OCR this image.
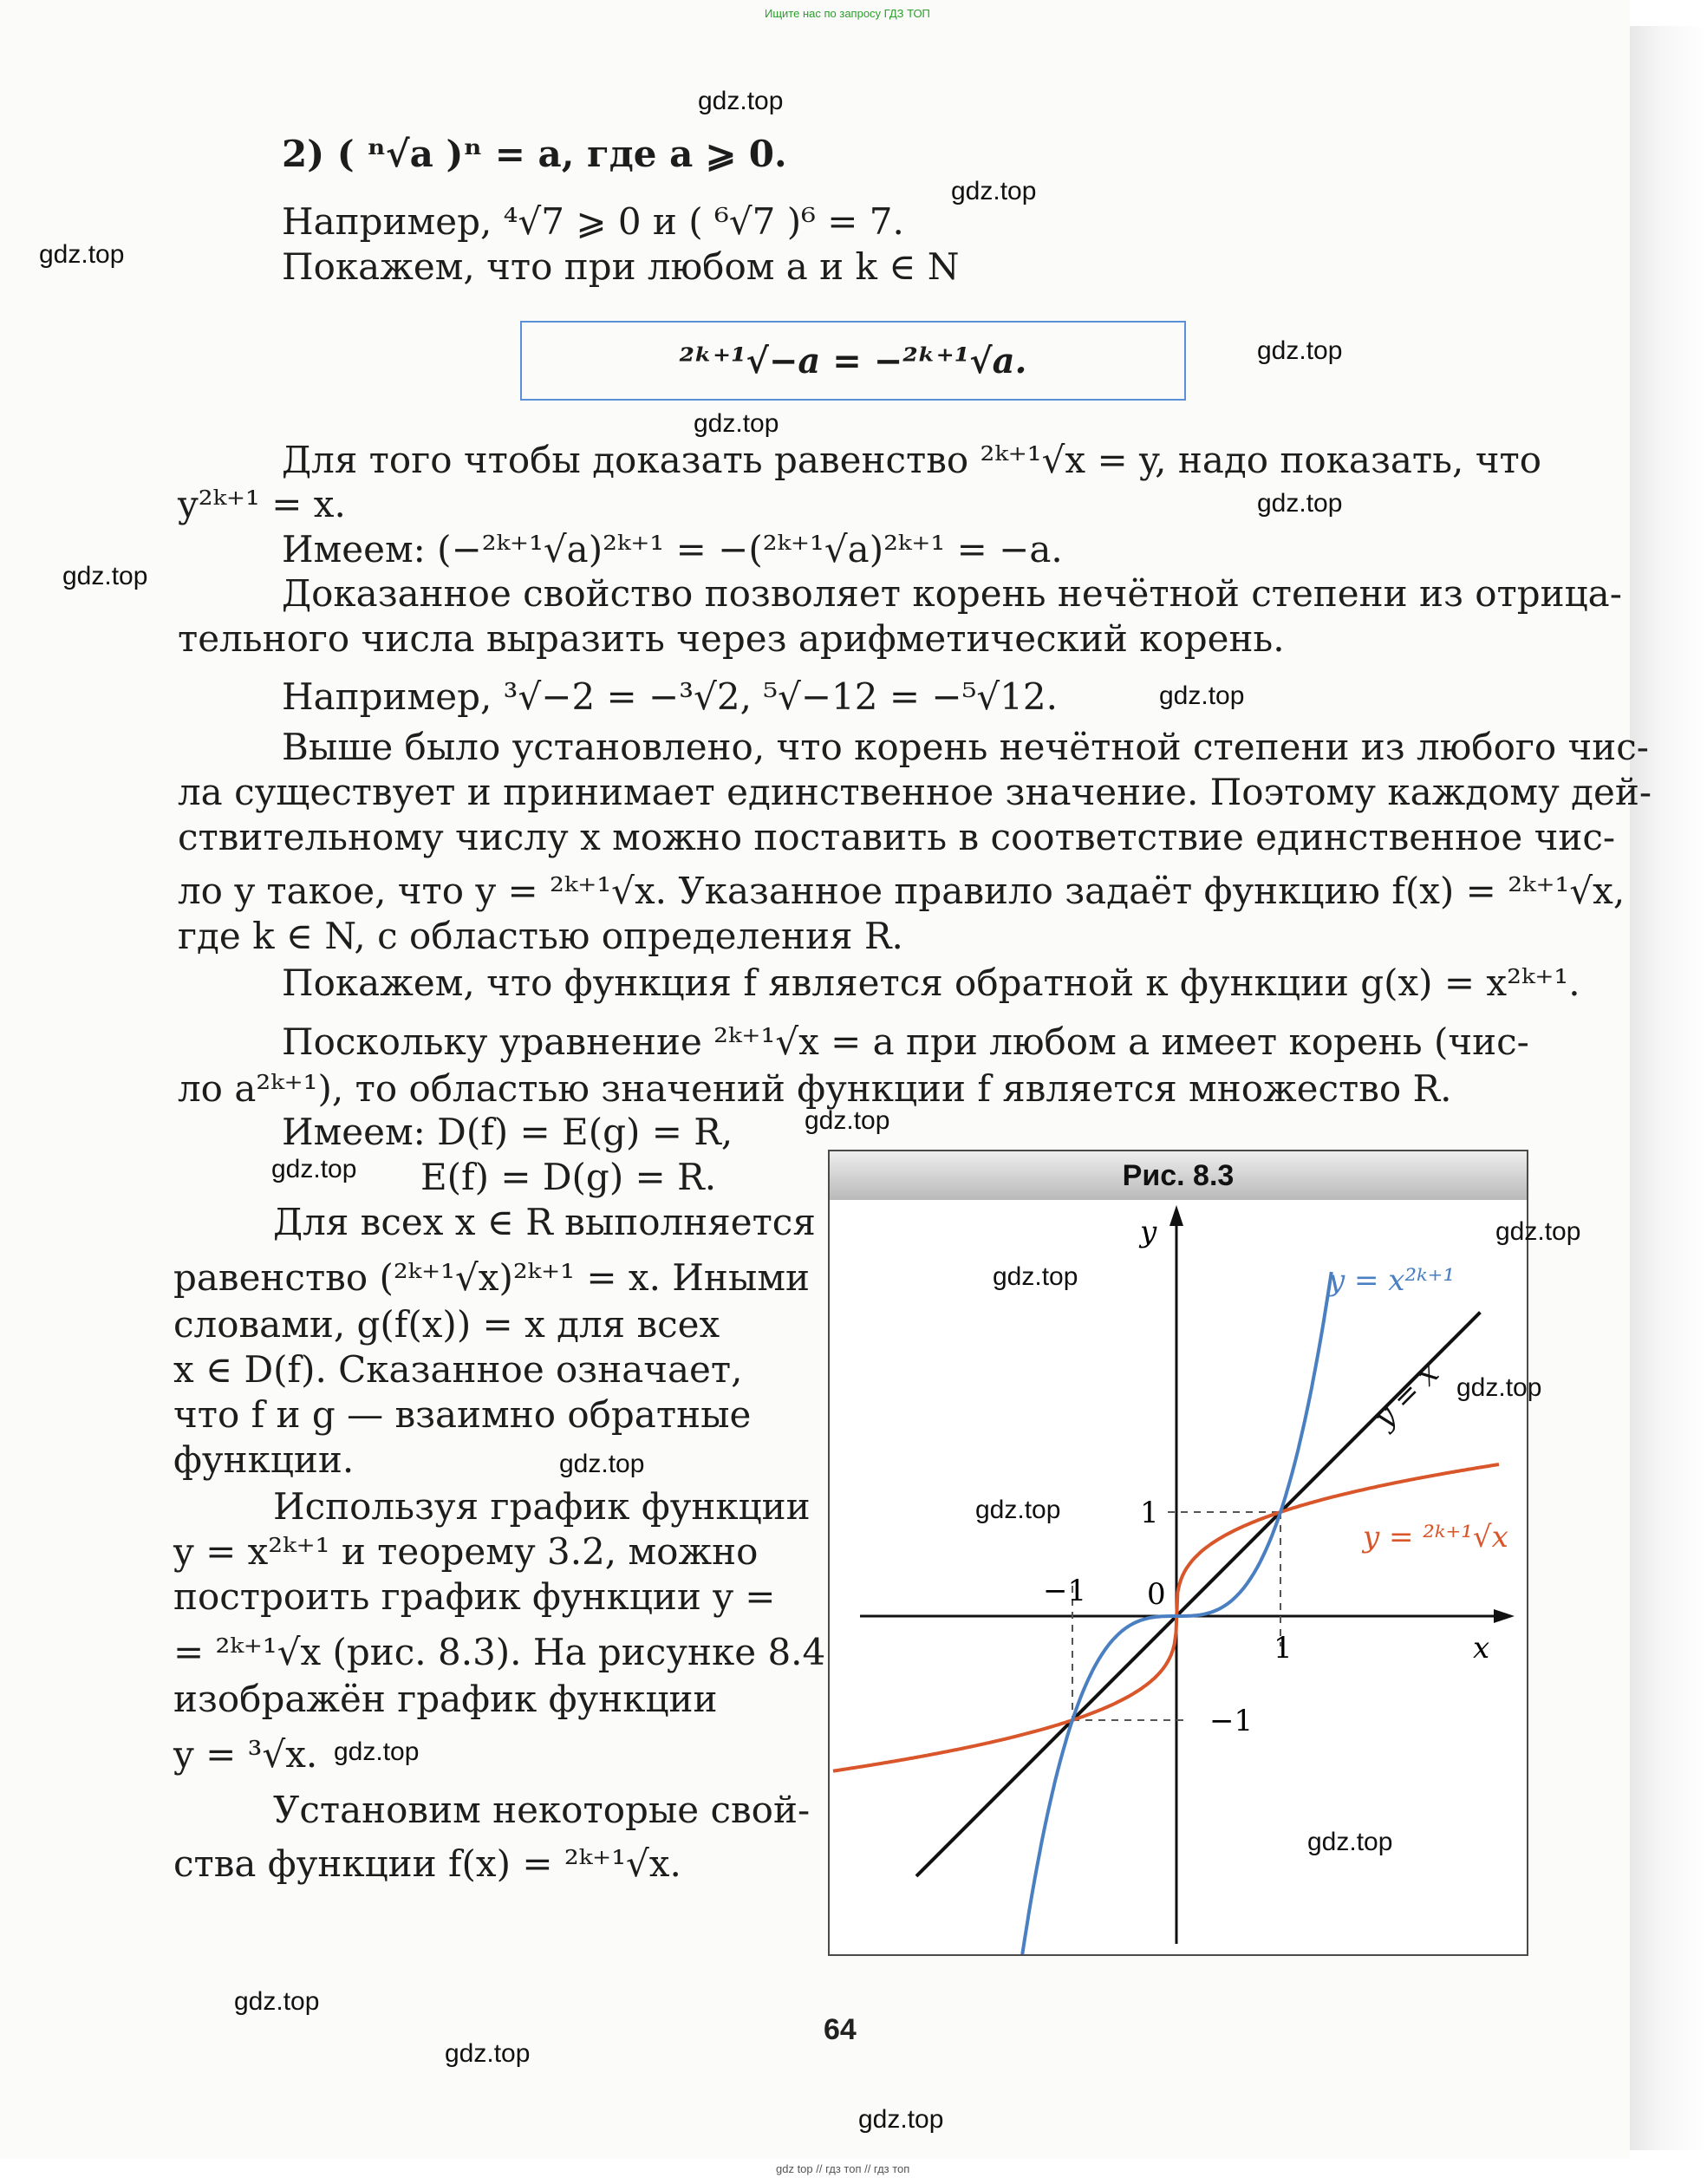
Ищите нас по запросу ГДЗ ТОП

2) ( ⁿ√a )ⁿ = a, где a ⩾ 0.

Например, ⁴√7 ⩾ 0 и ( ⁶√7 )⁶ = 7.

Покажем, что при любом a и k ∈ N

²ᵏ⁺¹√−a = −²ᵏ⁺¹√a.

Для того чтобы доказать равенство ²ᵏ⁺¹√x = y, надо показать, что

y²ᵏ⁺¹ = x.

Имеем: (−²ᵏ⁺¹√a)²ᵏ⁺¹ = −(²ᵏ⁺¹√a)²ᵏ⁺¹ = −a.

Доказанное свойство позволяет корень нечётной степени из отрица-

тельного числа выразить через арифметический корень.

Например, ³√−2 = −³√2, ⁵√−12 = −⁵√12.

Выше было установлено, что корень нечётной степени из любого чис-

ла существует и принимает единственное значение. Поэтому каждому дей-

ствительному числу x можно поставить в соответствие единственное чис-

ло y такое, что y = ²ᵏ⁺¹√x. Указанное правило задаёт функцию f(x) = ²ᵏ⁺¹√x,

где k ∈ N, с областью определения R.

Покажем, что функция f является обратной к функции g(x) = x²ᵏ⁺¹.

Поскольку уравнение ²ᵏ⁺¹√x = a при любом a имеет корень (чис-

ло a²ᵏ⁺¹), то областью значений функции f является множество R.

Имеем: D(f) = E(g) = R,

E(f) = D(g) = R.

Для всех x ∈ R выполняется

равенство (²ᵏ⁺¹√x)²ᵏ⁺¹ = x. Иными

словами, g(f(x)) = x для всех

x ∈ D(f). Сказанное означает,

что f и g — взаимно обратные

функции.

Используя график функции

y = x²ᵏ⁺¹ и теорему 3.2, можно

построить график функции y =

= ²ᵏ⁺¹√x (рис. 8.3). На рисунке 8.4

изображён график функции

y = ³√x.

Установим некоторые свой-

ства функции f(x) = ²ᵏ⁺¹√x.

Рис. 8.3
x
y
1
−1
1
−1
0
y = x²ᵏ⁺¹
y = x
y = ²ᵏ⁺¹√x
64
gdz.top
gdz.top
gdz.top
gdz.top
gdz.top
gdz.top
gdz.top
gdz.top
gdz.top
gdz.top
gdz.top
gdz.top
gdz.top
gdz.top
gdz.top
gdz.top
gdz.top
gdz.top
gdz.top
gdz.top
gdz top // гдз топ // гдз топ
